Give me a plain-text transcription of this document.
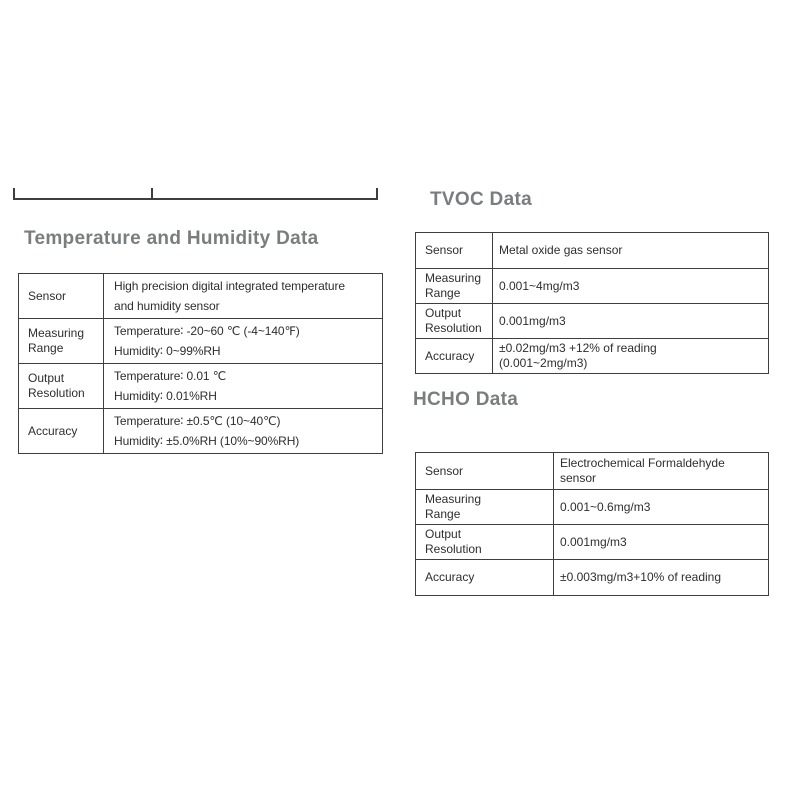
Temperature and Humidity Data
Sensor	High precision digital integrated temperature
and humidity sensor

Measuring Range	Temperature∶ -20~60 ℃ (-4~140℉)
Humidity∶ 0~99%RH

Output Resolution	Temperature∶ 0.01 ℃
Humidity∶ 0.01%RH

Accuracy	Temperature∶ ±0.5℃ (10~40℃)
Humidity∶ ±5.0%RH (10%~90%RH)
TVOC Data
Sensor	Metal oxide gas sensor

Measuring Range	0.001~4mg/m3

Output Resolution	0.001mg/m3

Accuracy	±0.02mg/m3 +12% of reading
(0.001~2mg/m3)
HCHO Data
Sensor	Electrochemical Formaldehyde
sensor

Measuring Range	0.001~0.6mg/m3

Output Resolution	0.001mg/m3

Accuracy	±0.003mg/m3+10% of reading
